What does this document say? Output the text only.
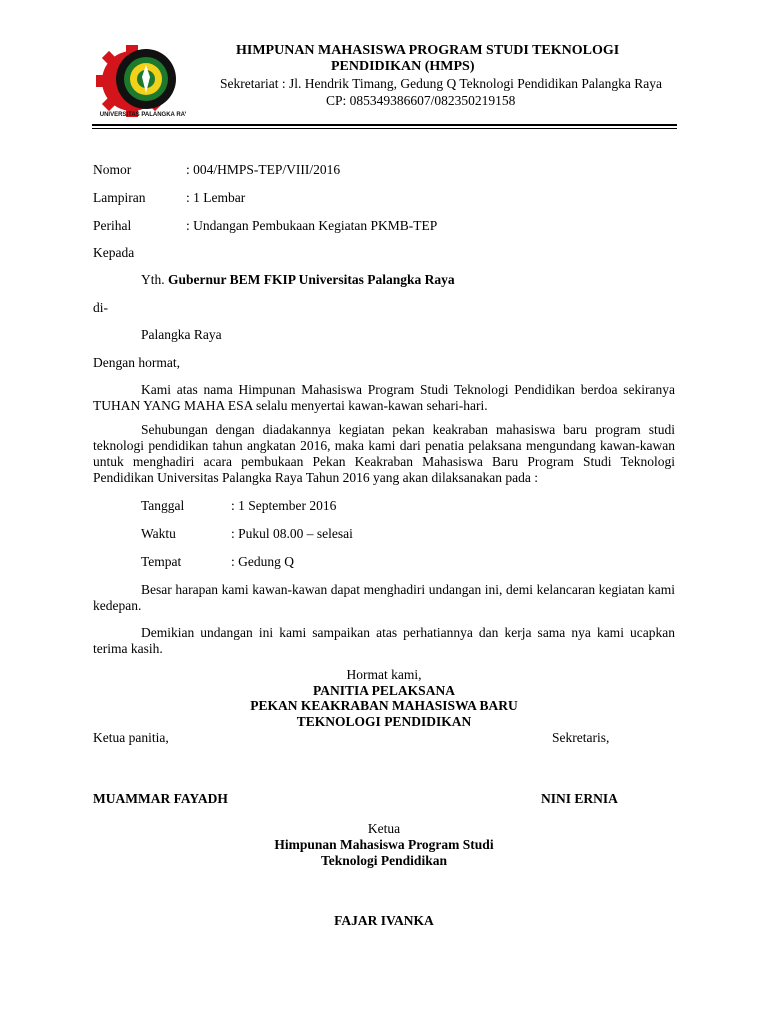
UNIVERSITAS PALANGKA RAYA
HIMPUNAN MAHASISWA PROGRAM STUDI TEKNOLOGI
PENDIDIKAN (HMPS)
Sekretariat : Jl. Hendrik Timang, Gedung Q Teknologi Pendidikan Palangka Raya
CP: 085349386607/082350219158
Nomor	: 004/HMPS-TEP/VIII/2016
Lampiran	: 1 Lembar
Perihal	: Undangan Pembukaan Kegiatan PKMB-TEP
Kepada
Yth. Gubernur BEM FKIP Universitas Palangka Raya
di-
Palangka Raya
Dengan hormat,
Kami atas nama Himpunan Mahasiswa Program Studi Teknologi Pendidikan berdoa sekiranya TUHAN YANG MAHA ESA selalu menyertai kawan-kawan sehari-hari.
Sehubungan dengan diadakannya kegiatan pekan keakraban mahasiswa baru program studi teknologi pendidikan tahun angkatan 2016, maka kami dari penatia pelaksana mengundang kawan-kawan untuk menghadiri acara pembukaan Pekan Keakraban Mahasiswa Baru Program Studi Teknologi Pendidikan Universitas Palangka Raya Tahun 2016 yang akan dilaksanakan pada :
Tanggal	: 1 September 2016
Waktu	: Pukul 08.00 – selesai
Tempat	: Gedung Q
Besar harapan kami kawan-kawan dapat menghadiri undangan ini, demi kelancaran kegiatan kami kedepan.
Demikian undangan ini kami sampaikan atas perhatiannya dan kerja sama nya kami ucapkan terima kasih.
Hormat kami,
PANITIA PELAKSANA
PEKAN KEAKRABAN MAHASISWA BARU
TEKNOLOGI PENDIDIKAN
Ketua panitia,	Sekretaris,
MUAMMAR FAYADH	NINI ERNIA
Ketua
Himpunan Mahasiswa Program Studi
Teknologi Pendidikan
FAJAR IVANKA
